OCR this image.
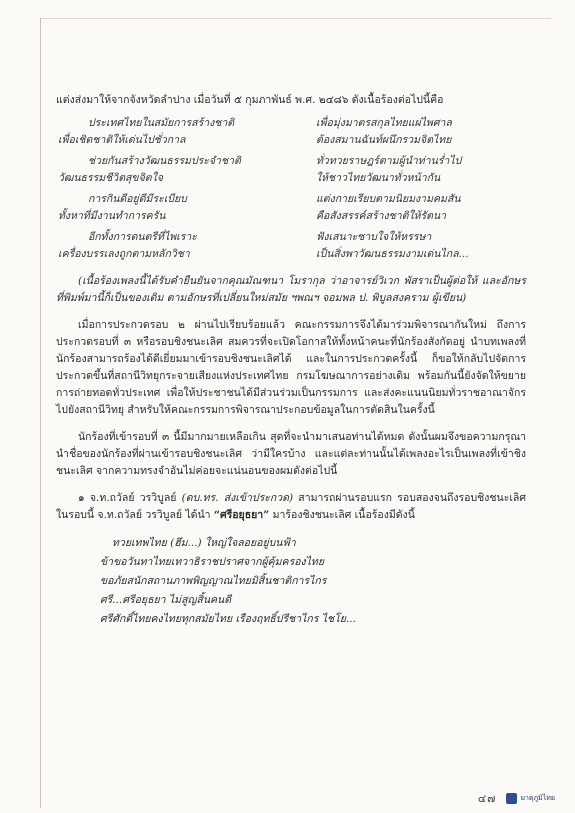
แต่งส่งมาให้จากจังหวัดลำปาง เมื่อวันที่ ๕ กุมภาพันธ์ พ.ศ. ๒๔๘๖ ดังเนื้อร้องต่อไปนี้คือ

ประเทศไทยในสมัยการสร้างชาติ	เพื่อมุ่งมาตรสกุลไทยแผ่ไพศาล
เพื่อเชิดชาติให้เด่นไปชั่วกาล	ต้องสมานฉันท์ผนึกรวมจิตไทย
ช่วยกันสร้างวัฒนธรรมประจำชาติ	ทั่วทวยราษฎร์ตามผู้นำท่านร่ำไป
วัฒนธรรมชีวิตสุขจิตใจ	ให้ชาวไทยวัฒนาทั่วหน้ากัน
การกินดีอยู่ดีมีระเบียบ	แต่งกายเรียบตามนิยมงามคมสัน
ทั้งหาที่มีงานทำการครัน	คือสังสรรค์สร้างชาติให้รัตนา
อีกทั้งการดนตรีที่ไพเราะ	ฟังเสนาะซาบใจให้หรรษา
เครื่องบรรเลงถูกตามหลักวิชา	เป็นสิ่งพาวัฒนธรรมงามเด่นไกล...

(เนื้อร้องเพลงนี้ได้รับคำยืนยันจากคุณมัณฑนา โมรากุล ว่าอาจารย์วิเวก พัสราเป็นผู้ต่อให้ และอักษรที่พิมพ์มานี้ก็เป็นของเดิม ตามอักษรที่เปลี่ยนใหม่สมัย ฯพณฯ จอมพล ป. พิบูลสงคราม ผู้เขียน)

เมื่อการประกวดรอบ ๒ ผ่านไปเรียบร้อยแล้ว คณะกรรมการจึงได้มาร่วมพิจารณากันใหม่ ถึงการประกวดรอบที่ ๓ หรือรอบชิงชนะเลิศ สมควรที่จะเปิดโอกาสให้ทั้งหน้าคนะที่นักร้องสังกัดอยู่ นำบทเพลงที่นักร้องสามารถร้องได้ดีเยี่ยมมาเข้ารอบชิงชนะเลิศได้ และในการประกวดครั้งนี้ ก็ขอให้กลับไปจัดการประกวดขึ้นที่สถานีวิทยุกระจายเสียงแห่งประเทศไทย กรมโฆษณาการอย่างเดิม พร้อมกันนี้ยังจัดให้ขยายการถ่ายทอดทั่วประเทศ เพื่อให้ประชาชนได้มีส่วนร่วมเป็นกรรมการ และส่งคะแนนนิยมทั่วราชอาณาจักรไปยังสถานีวิทยุ สำหรับให้คณะกรรมการพิจารณาประกอบข้อมูลในการตัดสินในครั้งนี้

นักร้องที่เข้ารอบที่ ๓ นี้มีมากมายเหลือเกิน สุดที่จะนำมาเสนอท่านได้หมด ดังนั้นผมจึงขอความกรุณานำชื่อของนักร้องที่ผ่านเข้ารอบชิงชนะเลิศ ว่ามีใครบ้าง และแต่ละท่านนั้นได้เพลงอะไรเป็นเพลงที่เข้าชิงชนะเลิศ จากความทรงจำอันไม่ค่อยจะแน่นอนของผมดังต่อไปนี้

๑ จ.ท.ถวัลย์ วรวิบูลย์ (ดบ.ทร. ส่งเข้าประกวด) สามารถผ่านรอบแรก รอบสองจนถึงรอบชิงชนะเลิศ ในรอบนี้ จ.ท.ถวัลย์ วรวิบูลย์ ได้นำ “ศรีอยุธยา” มาร้องชิงชนะเลิศ เนื้อร้องมีดังนี้

ทวยเทพไทย (ฮึม...) ใหญ่ใจลอยอยู่บนฟ้า
ข้าขอวันทาไทยเทวาธิราชปราศจากผู้คุ้มครองไทย
ขอภัยสนักสถานภาพพิญญาณไทยมิสิ้นชาติการไกร
ศรี...ศรีอยุธยา ไม่สูญสิ้นคนดี
ศรีศักดิ์ไทยคงไทยทุกสมัยไทย เรืองฤทธิ์ปรีชาไกร ไชโย...
๔๗	มาตุภูมิไทย
